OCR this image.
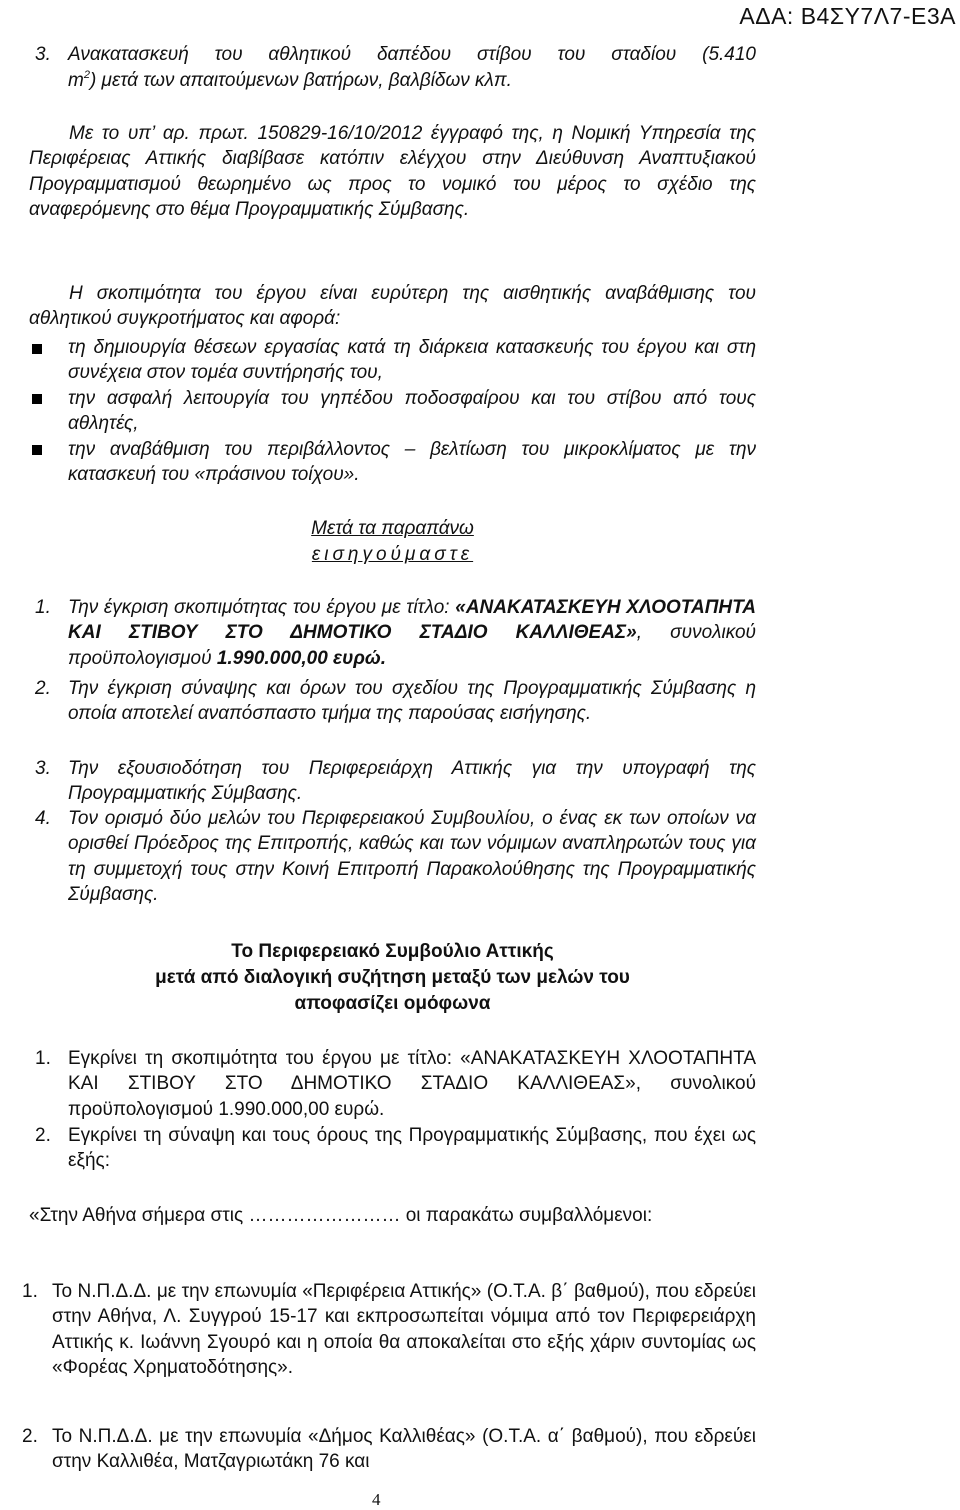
ΑΔΑ: Β4ΣΥ7Λ7-Ε3Α
3. Ανακατασκευή του αθλητικού δαπέδου στίβου του σταδίου (5.410
$m^2$) μετά των απαιτούμενων βατήρων, βαλβίδων κλπ.

Με το υπ’ αρ. πρωτ. 150829-16/10/2012 έγγραφό της, η Νομική Υπηρεσία της Περιφέρειας Αττικής διαβίβασε κατόπιν ελέγχου στην Διεύθυνση Αναπτυξιακού Προγραμματισμού θεωρημένο ως προς το νομικό του μέρος το σχέδιο της αναφερόμενης στο θέμα Προγραμματικής Σύμβασης.

Η σκοπιμότητα του έργου είναι ευρύτερη της αισθητικής αναβάθμισης του αθλητικού συγκροτήματος και αφορά:

τη δημιουργία θέσεων εργασίας κατά τη διάρκεια κατασκευής του έργου και στη συνέχεια στον τομέα συντήρησής του,

την ασφαλή λειτουργία του γηπέδου ποδοσφαίρου και του στίβου από τους αθλητές,

την αναβάθμιση του περιβάλλοντος – βελτίωση του μικροκλίματος με την κατασκευή του «πράσινου τοίχου».

Μετά τα παραπάνω
εισηγούμαστε
1. Την έγκριση σκοπιμότητας του έργου με τίτλο: «ΑΝΑΚΑΤΑΣΚΕΥΗ ΧΛΟΟΤΑΠΗΤΑ ΚΑΙ ΣΤΙΒΟΥ ΣΤΟ ΔΗΜΟΤΙΚΟ ΣΤΑΔΙΟ ΚΑΛΛΙΘΕΑΣ», συνολικού προϋπολογισμού 1.990.000,00 ευρώ.

2. Την έγκριση σύναψης και όρων του σχεδίου της Προγραμματικής Σύμβασης η οποία αποτελεί αναπόσπαστο τμήμα της παρούσας εισήγησης.

3. Την εξουσιοδότηση του Περιφερειάρχη Αττικής για την υπογραφή της Προγραμματικής Σύμβασης.

4. Τον ορισμό δύο μελών του Περιφερειακού Συμβουλίου, ο ένας εκ των οποίων να ορισθεί Πρόεδρος της Επιτροπής, καθώς και των νόμιμων αναπληρωτών τους για τη συμμετοχή τους στην Κοινή Επιτροπή Παρακολούθησης της Προγραμματικής Σύμβασης.

Το Περιφερειακό Συμβούλιο Αττικής
μετά από διαλογική συζήτηση μεταξύ των μελών του
αποφασίζει ομόφωνα
1. Εγκρίνει τη σκοπιμότητα του έργου με τίτλο: «ΑΝΑΚΑΤΑΣΚΕΥΗ ΧΛΟΟΤΑΠΗΤΑ ΚΑΙ ΣΤΙΒΟΥ ΣΤΟ ΔΗΜΟΤΙΚΟ ΣΤΑΔΙΟ ΚΑΛΛΙΘΕΑΣ», συνολικού προϋπολογισμού 1.990.000,00 ευρώ.

2. Εγκρίνει τη σύναψη και τους όρους της Προγραμματικής Σύμβασης, που έχει ως εξής:

«Στην Αθήνα σήμερα στις …………………… οι παρακάτω συμβαλλόμενοι:

1. Το Ν.Π.Δ.Δ. με την επωνυμία «Περιφέρεια Αττικής» (Ο.Τ.Α. β΄ βαθμού), που εδρεύει στην Αθήνα, Λ. Συγγρού 15-17 και εκπροσωπείται νόμιμα από τον Περιφερειάρχη Αττικής κ. Ιωάννη Σγουρό και η οποία θα αποκαλείται στο εξής χάριν συντομίας ως «Φορέας Χρηματοδότησης».

2. Το Ν.Π.Δ.Δ. με την επωνυμία «Δήμος Καλλιθέας» (Ο.Τ.Α. α΄ βαθμού), που εδρεύει στην Καλλιθέα, Ματζαγριωτάκη 76 και

4
